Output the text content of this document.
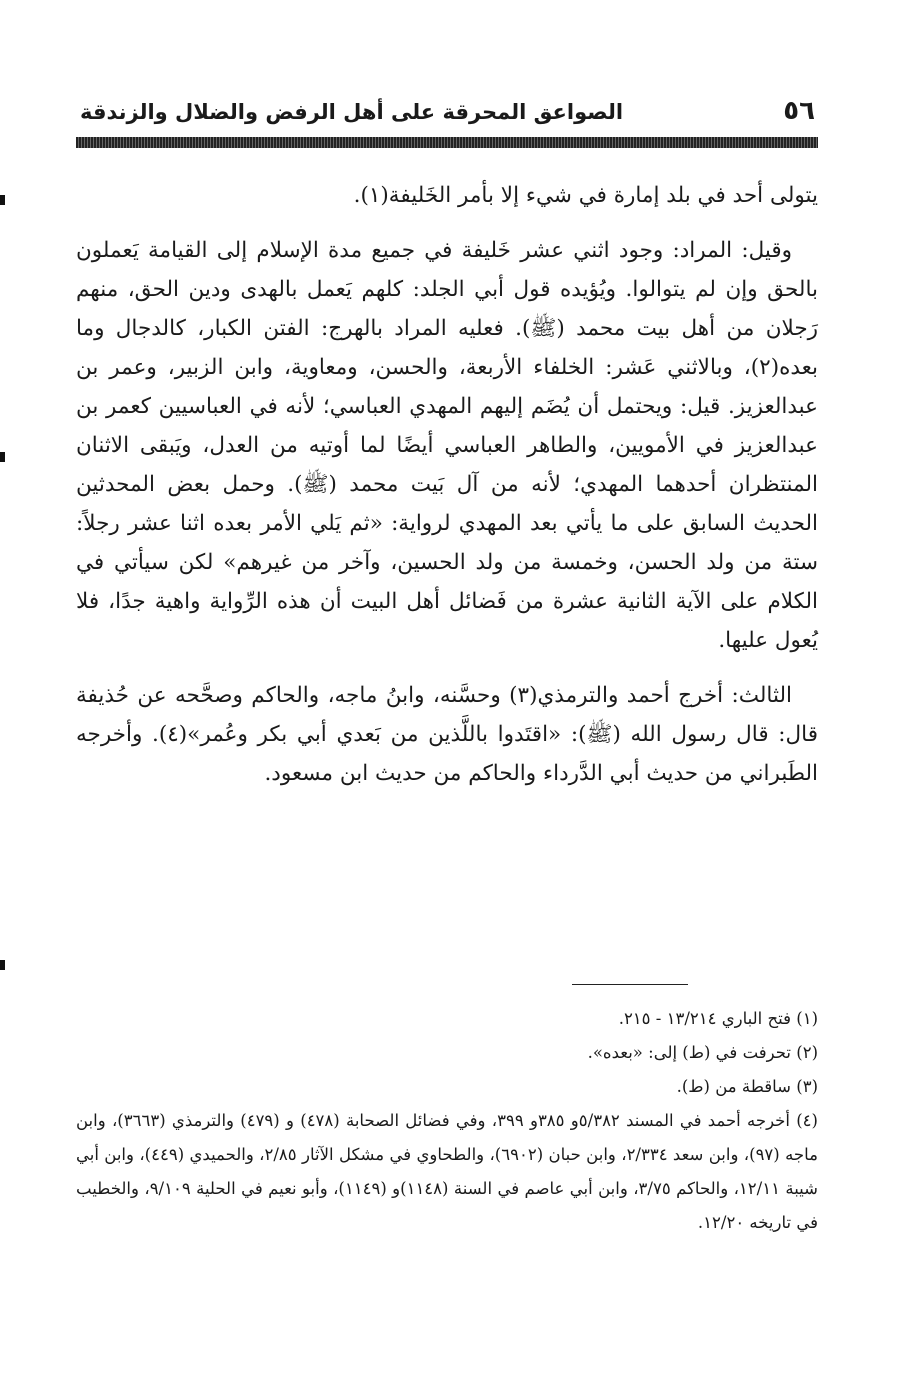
٥٦
الصواعق المحرقة على أهل الرفض والضلال والزندقة

يتولى أحد في بلد إمارة في شيء إلا بأمر الخَليفة(١).

وقيل: المراد: وجود اثني عشر خَليفة في جميع مدة الإسلام إلى القيامة يَعملون بالحق وإن لم يتوالوا. ويُؤيده قول أبي الجلد: كلهم يَعمل بالهدى ودين الحق، منهم رَجلان من أهل بيت محمد (ﷺ). فعليه المراد بالهرج: الفتن الكبار، كالدجال وما بعده(٢)، وبالاثني عَشر: الخلفاء الأربعة، والحسن، ومعاوية، وابن الزبير، وعمر بن عبدالعزيز. قيل: ويحتمل أن يُضَم إليهم المهدي العباسي؛ لأنه في العباسيين كعمر بن عبدالعزيز في الأمويين، والطاهر العباسي أيضًا لما أوتيه من العدل، ويَبقى الاثنان المنتظران أحدهما المهدي؛ لأنه من آل بَيت محمد (ﷺ). وحمل بعض المحدثين الحديث السابق على ما يأتي بعد المهدي لرواية: «ثم يَلي الأمر بعده اثنا عشر رجلاً: ستة من ولد الحسن، وخمسة من ولد الحسين، وآخر من غيرهم» لكن سيأتي في الكلام على الآية الثانية عشرة من فَضائل أهل البيت أن هذه الرِّواية واهية جدًا، فلا يُعول عليها.

الثالث: أخرج أحمد والترمذي(٣) وحسَّنه، وابنُ ماجه، والحاكم وصحَّحه عن حُذيفة قال: قال رسول الله (ﷺ): «اقتَدوا باللَّذين من بَعدي أبي بكر وعُمر»(٤). وأخرجه الطَبراني من حديث أبي الدَّرداء والحاكم من حديث ابن مسعود.

(١) فتح الباري ١٣/٢١٤ - ٢١٥.

(٢) تحرفت في (ط) إلى: «بعده».

(٣) ساقطة من (ط).

(٤) أخرجه أحمد في المسند ٥/٣٨٢و ٣٨٥و ٣٩٩، وفي فضائل الصحابة (٤٧٨) و (٤٧٩) والترمذي (٣٦٦٣)، وابن ماجه (٩٧)، وابن سعد ٢/٣٣٤، وابن حبان (٦٩٠٢)، والطحاوي في مشكل الآثار ٢/٨٥، والحميدي (٤٤٩)، وابن أبي شيبة ١٢/١١، والحاكم ٣/٧٥، وابن أبي عاصم في السنة (١١٤٨)و (١١٤٩)، وأبو نعيم في الحلية ٩/١٠٩، والخطيب في تاريخه ١٢/٢٠.
